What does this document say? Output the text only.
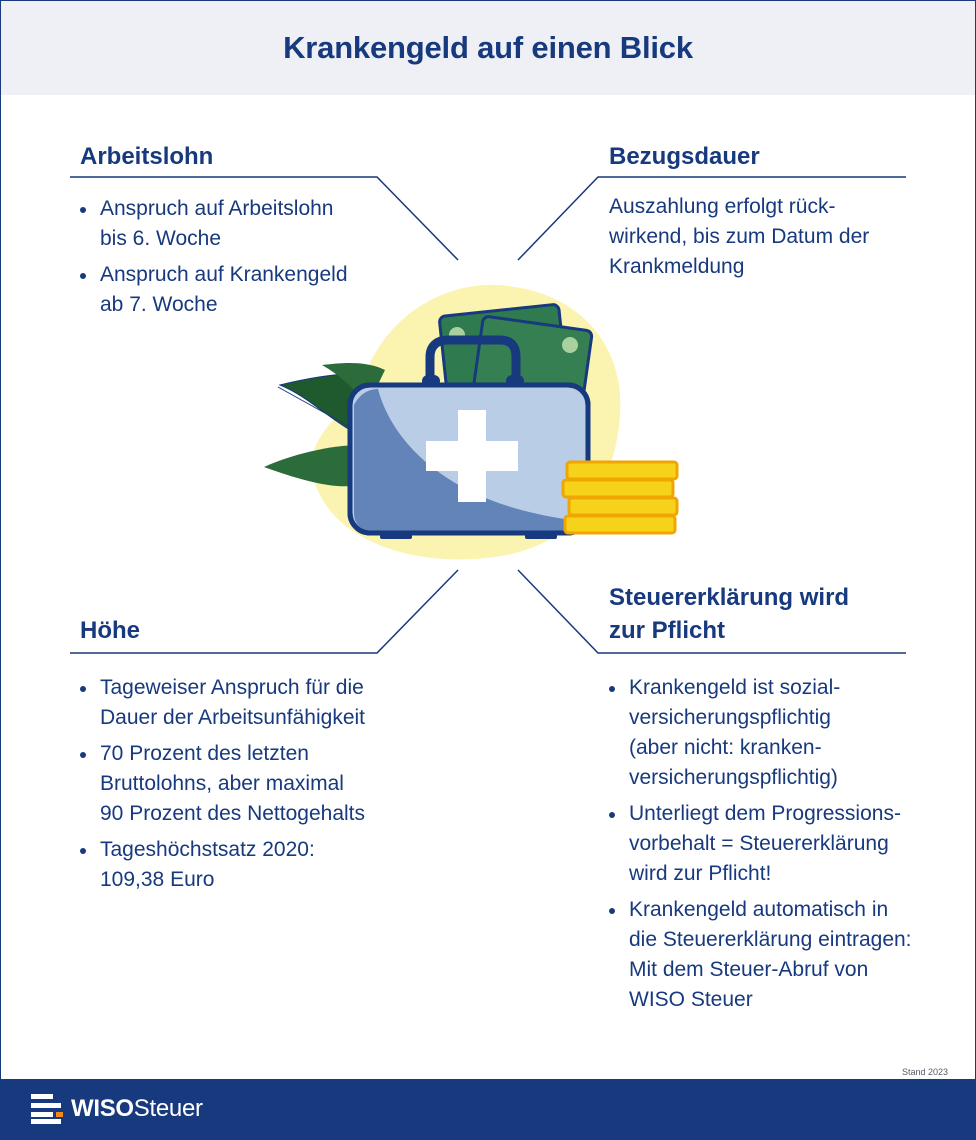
Krankengeld auf einen Blick
Arbeitslohn
Anspruch auf Arbeitslohn
bis 6. Woche
Anspruch auf Krankengeld
ab 7. Woche
Bezugsdauer

Auszahlung erfolgt rück-
wirkend, bis zum Datum der
Krankmeldung

Höhe
Tageweiser Anspruch für die
Dauer der Arbeitsunfähigkeit
70 Prozent des letzten
Bruttolohns, aber maximal
90 Prozent des Nettogehalts
Tageshöchstsatz 2020:
109,38 Euro
Steuererklärung wird
zur Pflicht
Krankengeld ist sozial-
versicherungspflichtig
(aber nicht: kranken-
versicherungspflichtig)
Unterliegt dem Progressions-
vorbehalt = Steuererklärung
wird zur Pflicht!
Krankengeld automatisch in
die Steuererklärung eintragen:
Mit dem Steuer-Abruf von
WISO Steuer
Stand 2023
WISOSteuer
